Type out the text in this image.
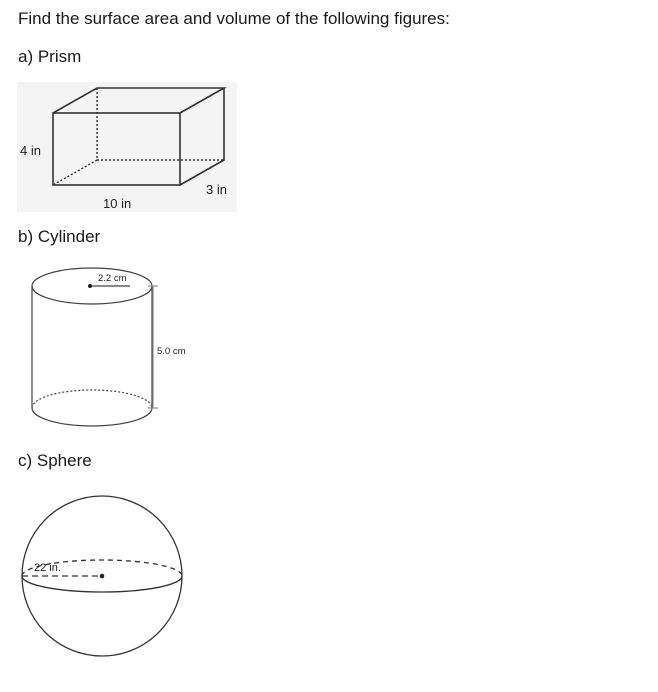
Find the surface area and volume of the following figures:

a) Prism

4 in
10 in
3 in

b) Cylinder

2.2 cm
5.0 cm

c) Sphere

22 in.
